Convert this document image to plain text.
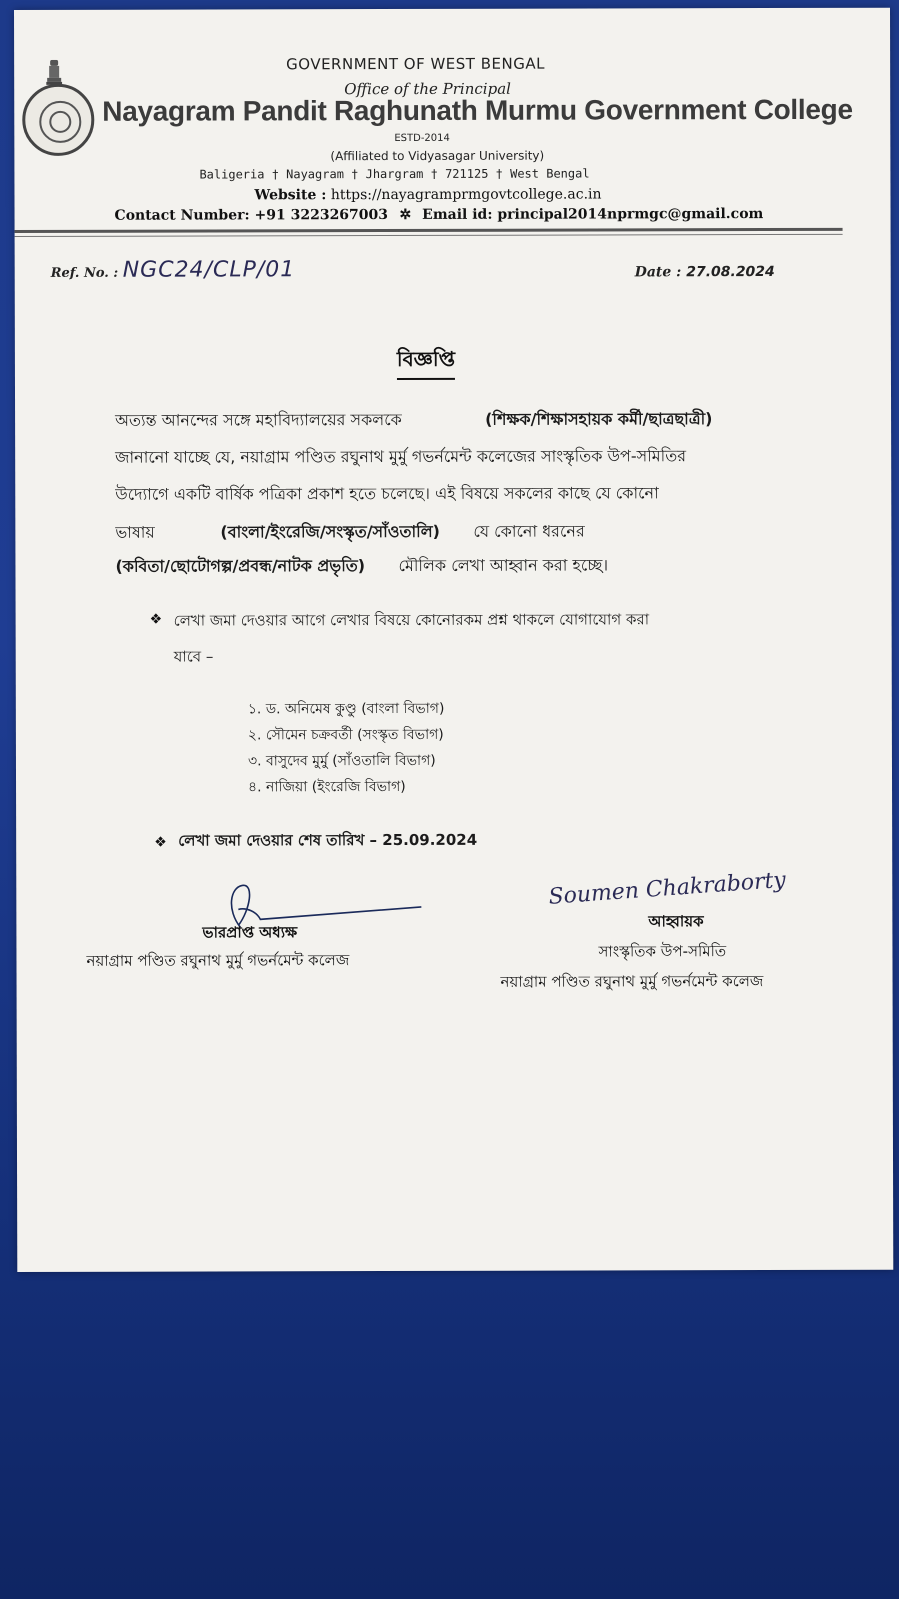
GOVERNMENT OF WEST BENGAL
Office of the Principal
Nayagram Pandit Raghunath Murmu Government College
ESTD-2014
(Affiliated to Vidyasagar University)
Baligeria † Nayagram † Jhargram † 721125 † West Bengal
Website : https://nayagramprmgovtcollege.ac.in
Contact Number: +91 3223267003 ✲ Email id: principal2014nprmgc@gmail.com
Ref. No. : NGC24/CLP/01	Date : 27.08.2024
বিজ্ঞপ্তি
অত্যন্ত আনন্দের সঙ্গে মহাবিদ্যালয়ের সকলকে	(শিক্ষক/শিক্ষাসহায়ক কর্মী/ছাত্রছাত্রী)
জানানো যাচ্ছে যে, নয়াগ্রাম পণ্ডিত রঘুনাথ মুর্মু গভর্নমেন্ট কলেজের সাংস্কৃতিক উপ-সমিতির
উদ্যোগে একটি বার্ষিক পত্রিকা প্রকাশ হতে চলেছে। এই বিষয়ে সকলের কাছে যে কোনো
ভাষায়	(বাংলা/ইংরেজি/সংস্কৃত/সাঁওতালি) যে কোনো ধরনের
(কবিতা/ছোটোগল্প/প্রবন্ধ/নাটক প্রভৃতি) মৌলিক লেখা আহ্বান করা হচ্ছে।
❖ লেখা জমা দেওয়ার আগে লেখার বিষয়ে কোনোরকম প্রশ্ন থাকলে যোগাযোগ করা
যাবে –
১. ড. অনিমেষ কুণ্ডু (বাংলা বিভাগ)
২. সৌমেন চক্রবর্তী (সংস্কৃত বিভাগ)
৩. বাসুদেব মুর্মু (সাঁওতালি বিভাগ)
৪. নাজিয়া (ইংরেজি বিভাগ)
❖ লেখা জমা দেওয়ার শেষ তারিখ – 25.09.2024
ভারপ্রাপ্ত অধ্যক্ষ
নয়াগ্রাম পণ্ডিত রঘুনাথ মুর্মু গভর্নমেন্ট কলেজ
Soumen Chakraborty
আহ্বায়ক
সাংস্কৃতিক উপ-সমিতি
নয়াগ্রাম পণ্ডিত রঘুনাথ মুর্মু গভর্নমেন্ট কলেজ
